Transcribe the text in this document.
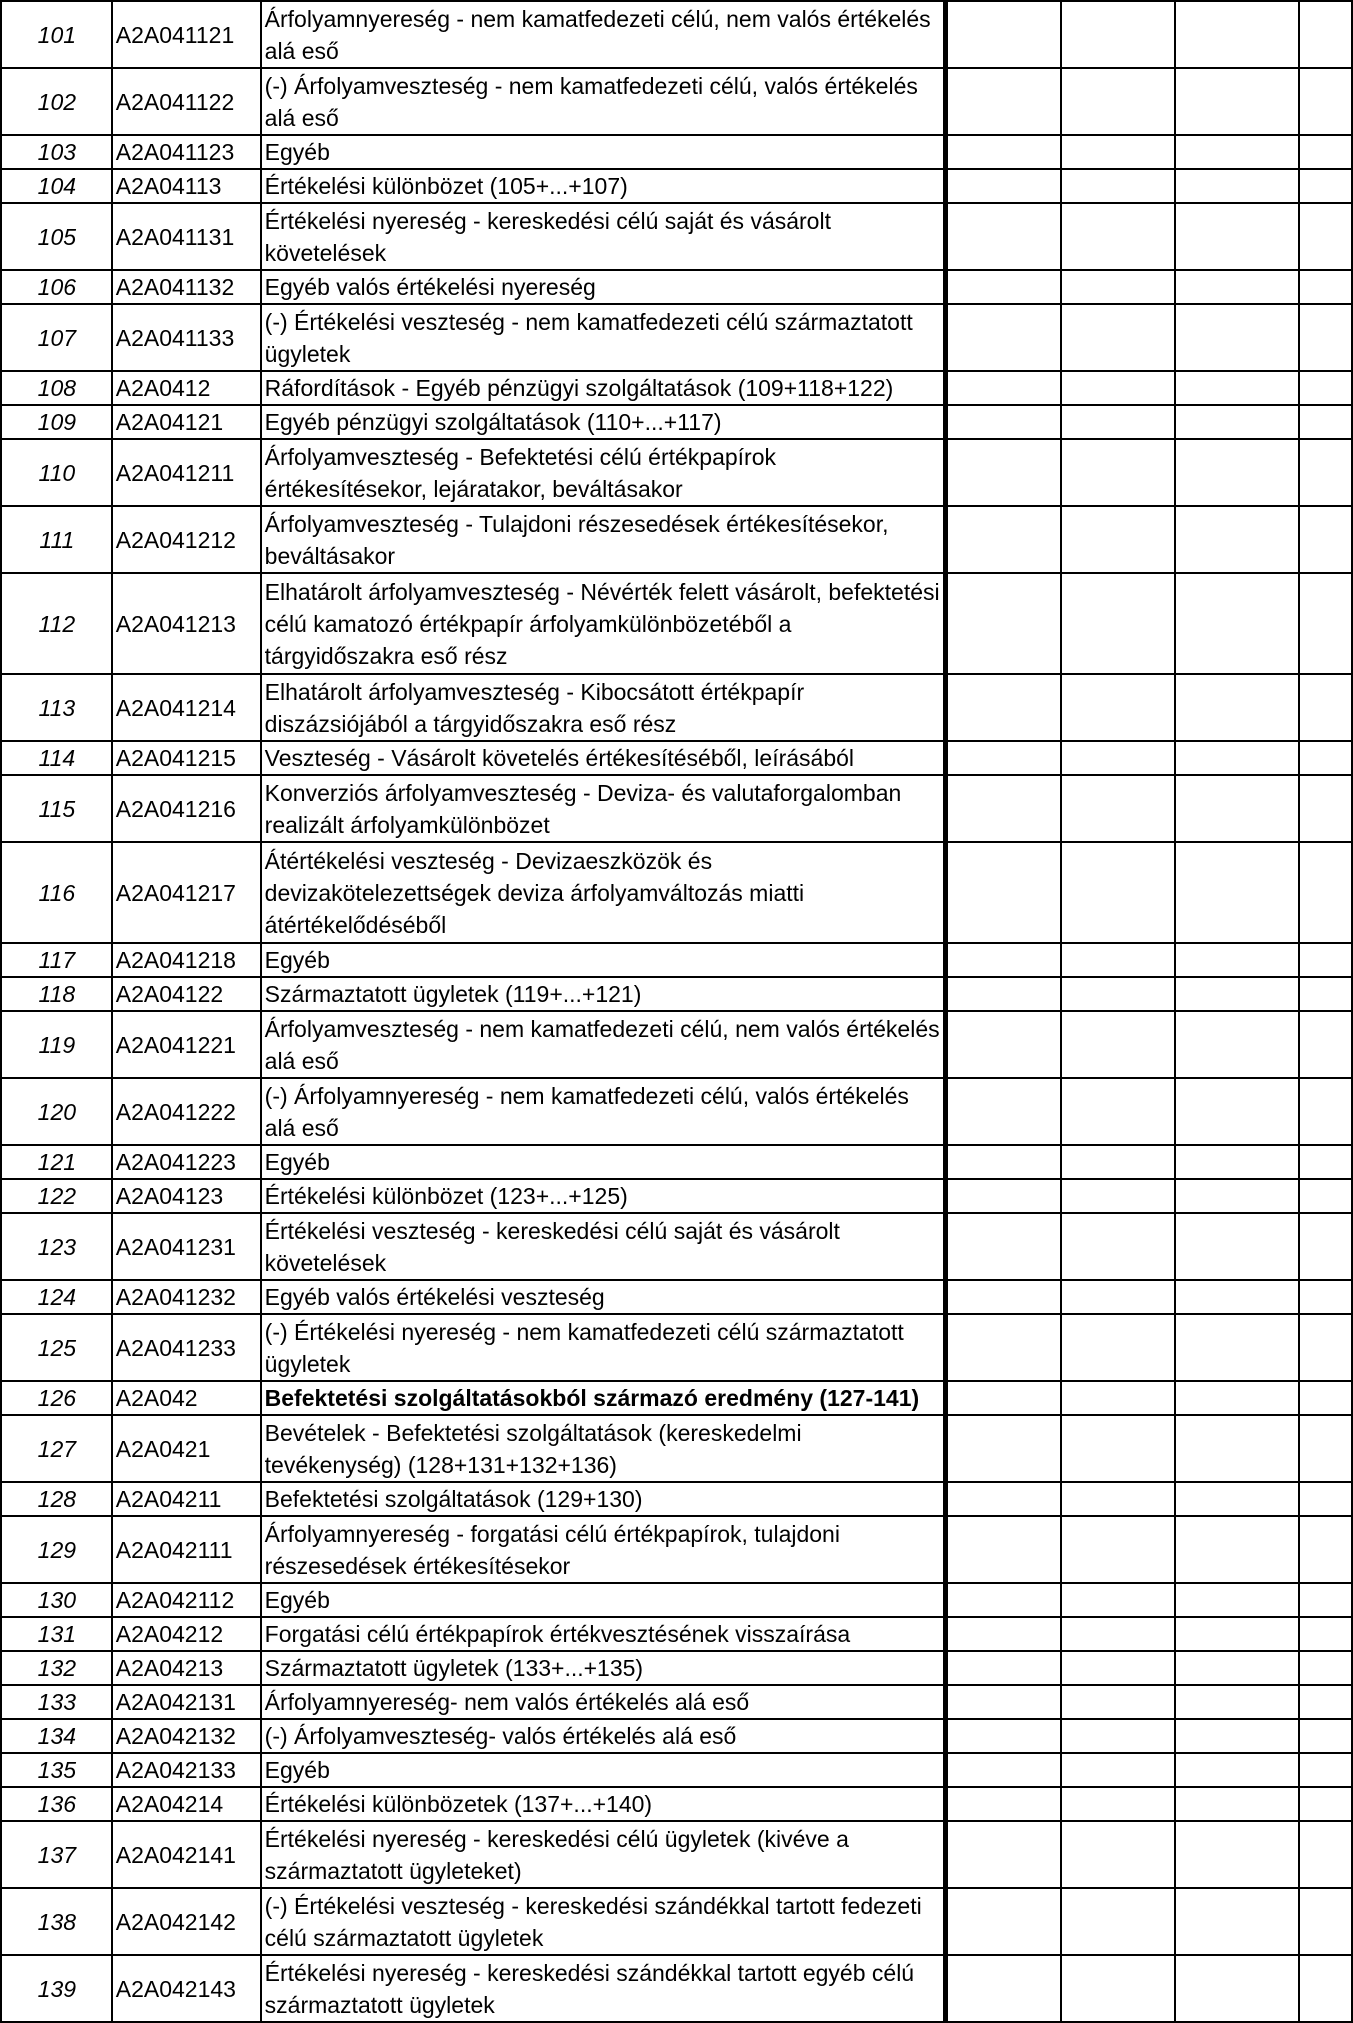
101	A2A041121	Árfolyamnyereség - nem kamatfedezeti célú, nem valós értékelés alá eső				
102	A2A041122	(-) Árfolyamveszteség - nem kamatfedezeti célú, valós értékelés alá eső				
103	A2A041123	Egyéb				
104	A2A04113	Értékelési különbözet (105+...+107)				
105	A2A041131	Értékelési nyereség - kereskedési célú saját és vásárolt követelések				
106	A2A041132	Egyéb valós értékelési nyereség				
107	A2A041133	(-) Értékelési veszteség - nem kamatfedezeti célú származtatott ügyletek				
108	A2A0412	Ráfordítások - Egyéb pénzügyi szolgáltatások (109+118+122)				
109	A2A04121	Egyéb pénzügyi szolgáltatások (110+...+117)				
110	A2A041211	Árfolyamveszteség - Befektetési célú értékpapírok értékesítésekor, lejáratakor, beváltásakor				
111	A2A041212	Árfolyamveszteség - Tulajdoni részesedések értékesítésekor, beváltásakor				
112	A2A041213	Elhatárolt árfolyamveszteség - Névérték felett vásárolt, befektetési célú kamatozó értékpapír árfolyamkülönbözetéből a tárgyidőszakra eső rész				
113	A2A041214	Elhatárolt árfolyamveszteség - Kibocsátott értékpapír diszázsiójából a tárgyidőszakra eső rész				
114	A2A041215	Veszteség - Vásárolt követelés értékesítéséből, leírásából				
115	A2A041216	Konverziós árfolyamveszteség - Deviza- és valutaforgalomban realizált árfolyamkülönbözet				
116	A2A041217	Átértékelési veszteség - Devizaeszközök és devizakötelezettségek deviza árfolyamváltozás miatti átértékelődéséből				
117	A2A041218	Egyéb				
118	A2A04122	Származtatott ügyletek (119+...+121)				
119	A2A041221	Árfolyamveszteség - nem kamatfedezeti célú, nem valós értékelés alá eső				
120	A2A041222	(-) Árfolyamnyereség - nem kamatfedezeti célú, valós értékelés alá eső				
121	A2A041223	Egyéb				
122	A2A04123	Értékelési különbözet (123+...+125)				
123	A2A041231	Értékelési veszteség - kereskedési célú saját és vásárolt követelések				
124	A2A041232	Egyéb valós értékelési veszteség				
125	A2A041233	(-) Értékelési nyereség - nem kamatfedezeti célú származtatott ügyletek				
126	A2A042	Befektetési szolgáltatásokból származó eredmény (127-141)				
127	A2A0421	Bevételek - Befektetési szolgáltatások (kereskedelmi tevékenység) (128+131+132+136)				
128	A2A04211	Befektetési szolgáltatások (129+130)				
129	A2A042111	Árfolyamnyereség - forgatási célú értékpapírok, tulajdoni részesedések értékesítésekor				
130	A2A042112	Egyéb				
131	A2A04212	Forgatási célú értékpapírok értékvesztésének visszaírása				
132	A2A04213	Származtatott ügyletek (133+...+135)				
133	A2A042131	Árfolyamnyereség- nem valós értékelés alá eső				
134	A2A042132	(-) Árfolyamveszteség- valós értékelés alá eső				
135	A2A042133	Egyéb				
136	A2A04214	Értékelési különbözetek (137+...+140)				
137	A2A042141	Értékelési nyereség - kereskedési célú ügyletek (kivéve a származtatott ügyleteket)				
138	A2A042142	(-) Értékelési veszteség - kereskedési szándékkal tartott fedezeti célú származtatott ügyletek				
139	A2A042143	Értékelési nyereség - kereskedési szándékkal tartott egyéb célú származtatott ügyletek				
